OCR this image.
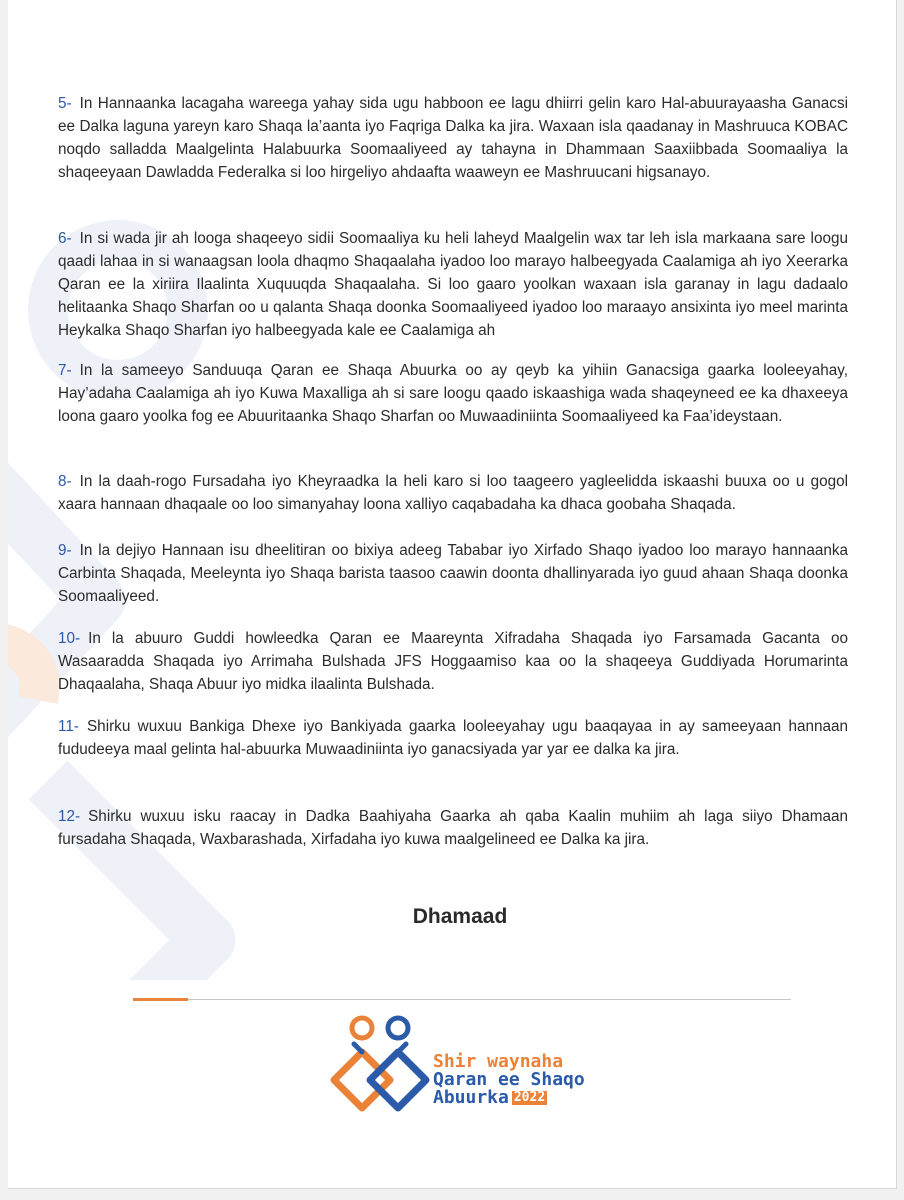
5- In Hannaanka lacagaha wareega yahay sida ugu habboon ee lagu dhiirri gelin karo Hal-abuurayaasha Ganacsi ee Dalka laguna yareyn karo Shaqa la’aanta iyo Faqriga Dalka ka jira. Waxaan isla qaadanay in Mashruuca KOBAC noqdo salladda Maalgelinta Halabuurka Soomaaliyeed ay tahayna in Dhammaan Saaxiibbada Soomaaliya la shaqeeyaan Dawladda Federalka si loo hirgeliyo ahdaafta waaweyn ee Mashruucani higsanayo.

6- In si wada jir ah looga shaqeeyo sidii Soomaaliya ku heli laheyd Maalgelin wax tar leh isla markaana sare loogu qaadi lahaa in si wanaagsan loola dhaqmo Shaqaalaha iyadoo loo marayo halbeegyada Caalamiga ah iyo Xeerarka Qaran ee la xiriira Ilaalinta Xuquuqda Shaqaalaha. Si loo gaaro yoolkan waxaan isla garanay in lagu dadaalo helitaanka Shaqo Sharfan oo u qalanta Shaqa doonka Soomaaliyeed iyadoo loo maraayo ansixinta iyo meel marinta Heykalka Shaqo Sharfan iyo halbeegyada kale ee Caalamiga ah

7- In la sameeyo Sanduuqa Qaran ee Shaqa Abuurka oo ay qeyb ka yihiin Ganacsiga gaarka looleeyahay, Hay’adaha Caalamiga ah iyo Kuwa Maxalliga ah si sare loogu qaado iskaashiga wada shaqeyneed ee ka dhaxeeya loona gaaro yoolka fog ee Abuuritaanka Shaqo Sharfan oo Muwaadiniinta Soomaaliyeed ka Faa’ideystaan.

8- In la daah-rogo Fursadaha iyo Kheyraadka la heli karo si loo taageero yagleelidda iskaashi buuxa oo u gogol xaara hannaan dhaqaale oo loo simanyahay loona xalliyo caqabadaha ka dhaca goobaha Shaqada.

9- In la dejiyo Hannaan isu dheelitiran oo bixiya adeeg Tababar iyo Xirfado Shaqo iyadoo loo marayo hannaanka Carbinta Shaqada, Meeleynta iyo Shaqa barista taasoo caawin doonta dhallinyarada iyo guud ahaan Shaqa doonka Soomaaliyeed.

10- In la abuuro Guddi howleedka Qaran ee Maareynta Xifradaha Shaqada iyo Farsamada Gacanta oo Wasaaradda Shaqada iyo Arrimaha Bulshada JFS Hoggaamiso kaa oo la shaqeeya Guddiyada Horumarinta Dhaqaalaha, Shaqa Abuur iyo midka ilaalinta Bulshada.

11- Shirku wuxuu Bankiga Dhexe iyo Bankiyada gaarka looleeyahay ugu baaqayaa in ay sameeyaan hannaan fududeeya maal gelinta hal-abuurka Muwaadiniinta iyo ganacsiyada yar yar ee dalka ka jira.

12- Shirku wuxuu isku raacay in Dadka Baahiyaha Gaarka ah qaba Kaalin muhiim ah laga siiyo Dhamaan fursadaha Shaqada, Waxbarashada, Xirfadaha iyo kuwa maalgelineed ee Dalka ka jira.

Dhamaad
Shir waynaha
Qaran ee Shaqo
Abuurka 2022
